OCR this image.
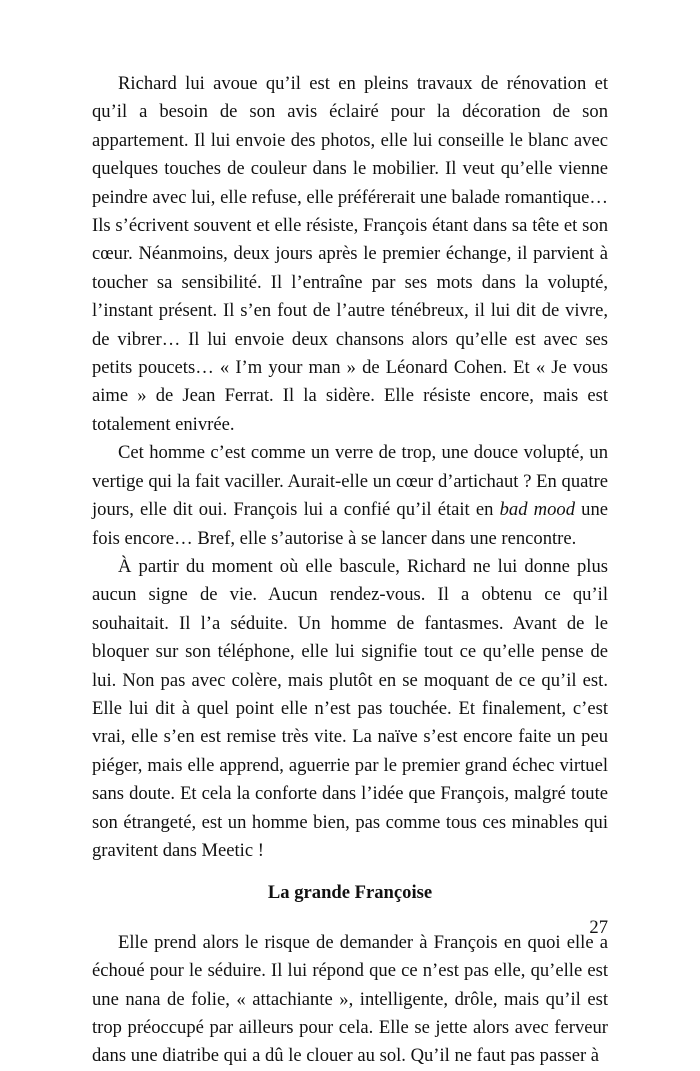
Richard lui avoue qu’il est en pleins travaux de rénovation et qu’il a besoin de son avis éclairé pour la décoration de son appartement. Il lui envoie des photos, elle lui conseille le blanc avec quelques touches de couleur dans le mobilier. Il veut qu’elle vienne peindre avec lui, elle refuse, elle préférerait une balade romantique… Ils s’écrivent souvent et elle résiste, François étant dans sa tête et son cœur. Néanmoins, deux jours après le premier échange, il parvient à toucher sa sensibilité. Il l’entraîne par ses mots dans la volupté, l’instant présent. Il s’en fout de l’autre ténébreux, il lui dit de vivre, de vibrer… Il lui envoie deux chansons alors qu’elle est avec ses petits poucets… « I’m your man » de Léonard Cohen. Et « Je vous aime » de Jean Ferrat. Il la sidère. Elle résiste encore, mais est totalement enivrée.

Cet homme c’est comme un verre de trop, une douce volupté, un vertige qui la fait vaciller. Aurait-elle un cœur d’artichaut ? En quatre jours, elle dit oui. François lui a confié qu’il était en bad mood une fois encore… Bref, elle s’autorise à se lancer dans une rencontre.

À partir du moment où elle bascule, Richard ne lui donne plus aucun signe de vie. Aucun rendez-vous. Il a obtenu ce qu’il souhaitait. Il l’a séduite. Un homme de fantasmes. Avant de le bloquer sur son téléphone, elle lui signifie tout ce qu’elle pense de lui. Non pas avec colère, mais plutôt en se moquant de ce qu’il est. Elle lui dit à quel point elle n’est pas touchée. Et finalement, c’est vrai, elle s’en est remise très vite. La naïve s’est encore faite un peu piéger, mais elle apprend, aguerrie par le premier grand échec virtuel sans doute. Et cela la conforte dans l’idée que François, malgré toute son étrangeté, est un homme bien, pas comme tous ces minables qui gravitent dans Meetic !

La grande Françoise

Elle prend alors le risque de demander à François en quoi elle a échoué pour le séduire. Il lui répond que ce n’est pas elle, qu’elle est une nana de folie, « attachiante », intelligente, drôle, mais qu’il est trop préoccupé par ailleurs pour cela. Elle se jette alors avec ferveur dans une diatribe qui a dû le clouer au sol. Qu’il ne faut pas passer à

27
